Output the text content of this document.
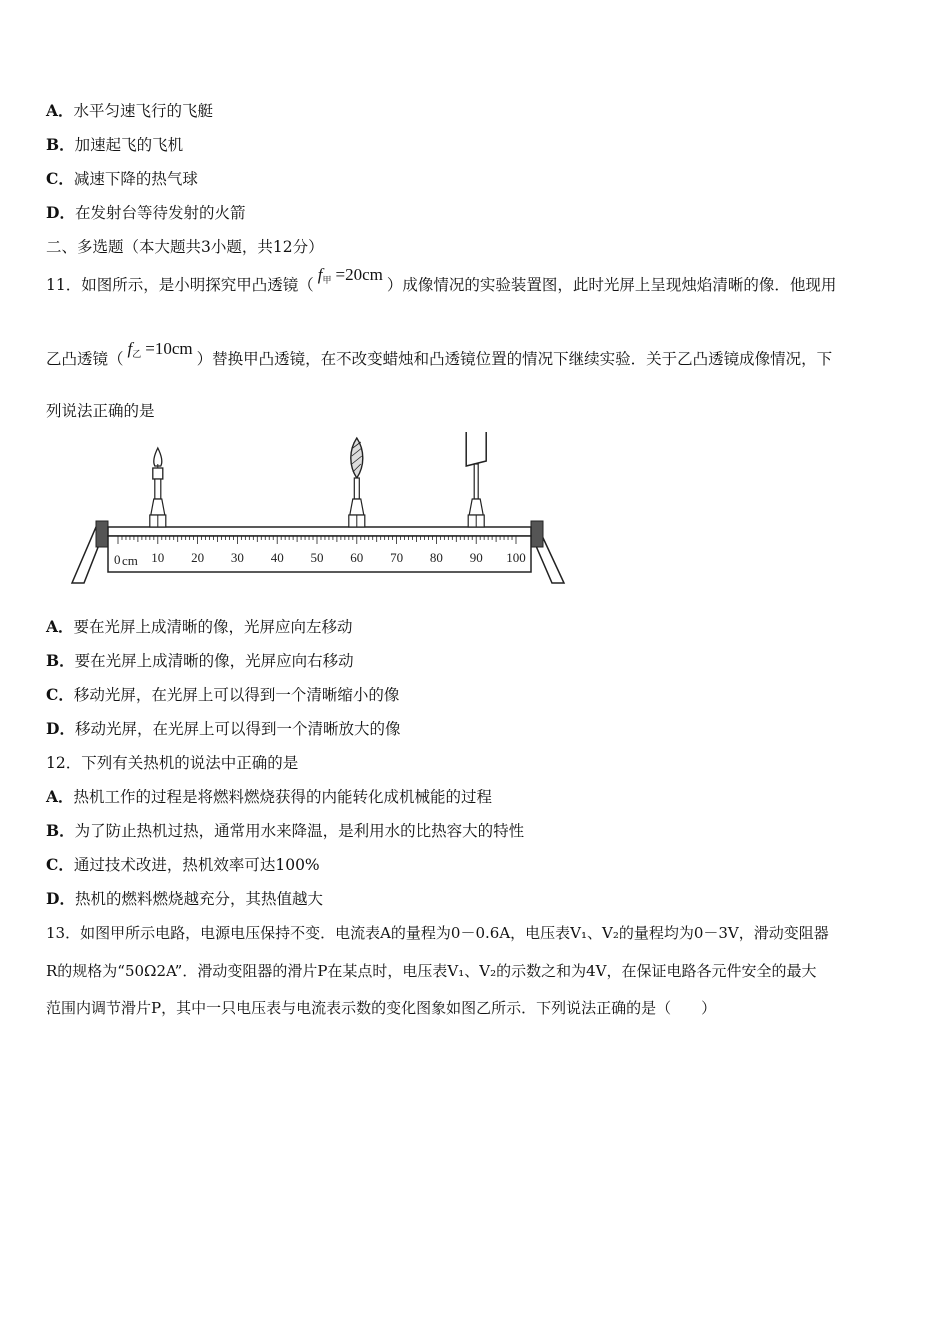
A．水平匀速飞行的飞艇
B．加速起飞的飞机
C．减速下降的热气球
D．在发射台等待发射的火箭
二、多选题（本大题共3小题，共12分）
11．如图所示，是小明探究甲凸透镜$(f_甲 =20cm)$成像情况的实验装置图，此时光屏上呈现烛焰清晰的像．他现用
乙凸透镜$(f_乙 =10cm)$替换甲凸透镜，在不改变蜡烛和凸透镜位置的情况下继续实验．关于乙凸透镜成像情况，下
列说法正确的是
0 cm 10 20 30 40 50 60 70 80 90 100
A．要在光屏上成清晰的像，光屏应向左移动
B．要在光屏上成清晰的像，光屏应向右移动
C．移动光屏，在光屏上可以得到一个清晰缩小的像
D．移动光屏，在光屏上可以得到一个清晰放大的像
12．下列有关热机的说法中正确的是
A．热机工作的过程是将燃料燃烧获得的内能转化成机械能的过程
B．为了防止热机过热，通常用水来降温，是利用水的比热容大的特性
C．通过技术改进，热机效率可达100%
D．热机的燃料燃烧越充分，其热值越大
13．如图甲所示电路，电源电压保持不变．电流表A的量程为0－0.6A，电压表V₁、V₂的量程均为0－3V，滑动变阻器
R的规格为“50Ω2A”．滑动变阻器的滑片P在某点时，电压表V₁、V₂的示数之和为4V，在保证电路各元件安全的最大
范围内调节滑片P，其中一只电压表与电流表示数的变化图象如图乙所示．下列说法正确的是（　　）
